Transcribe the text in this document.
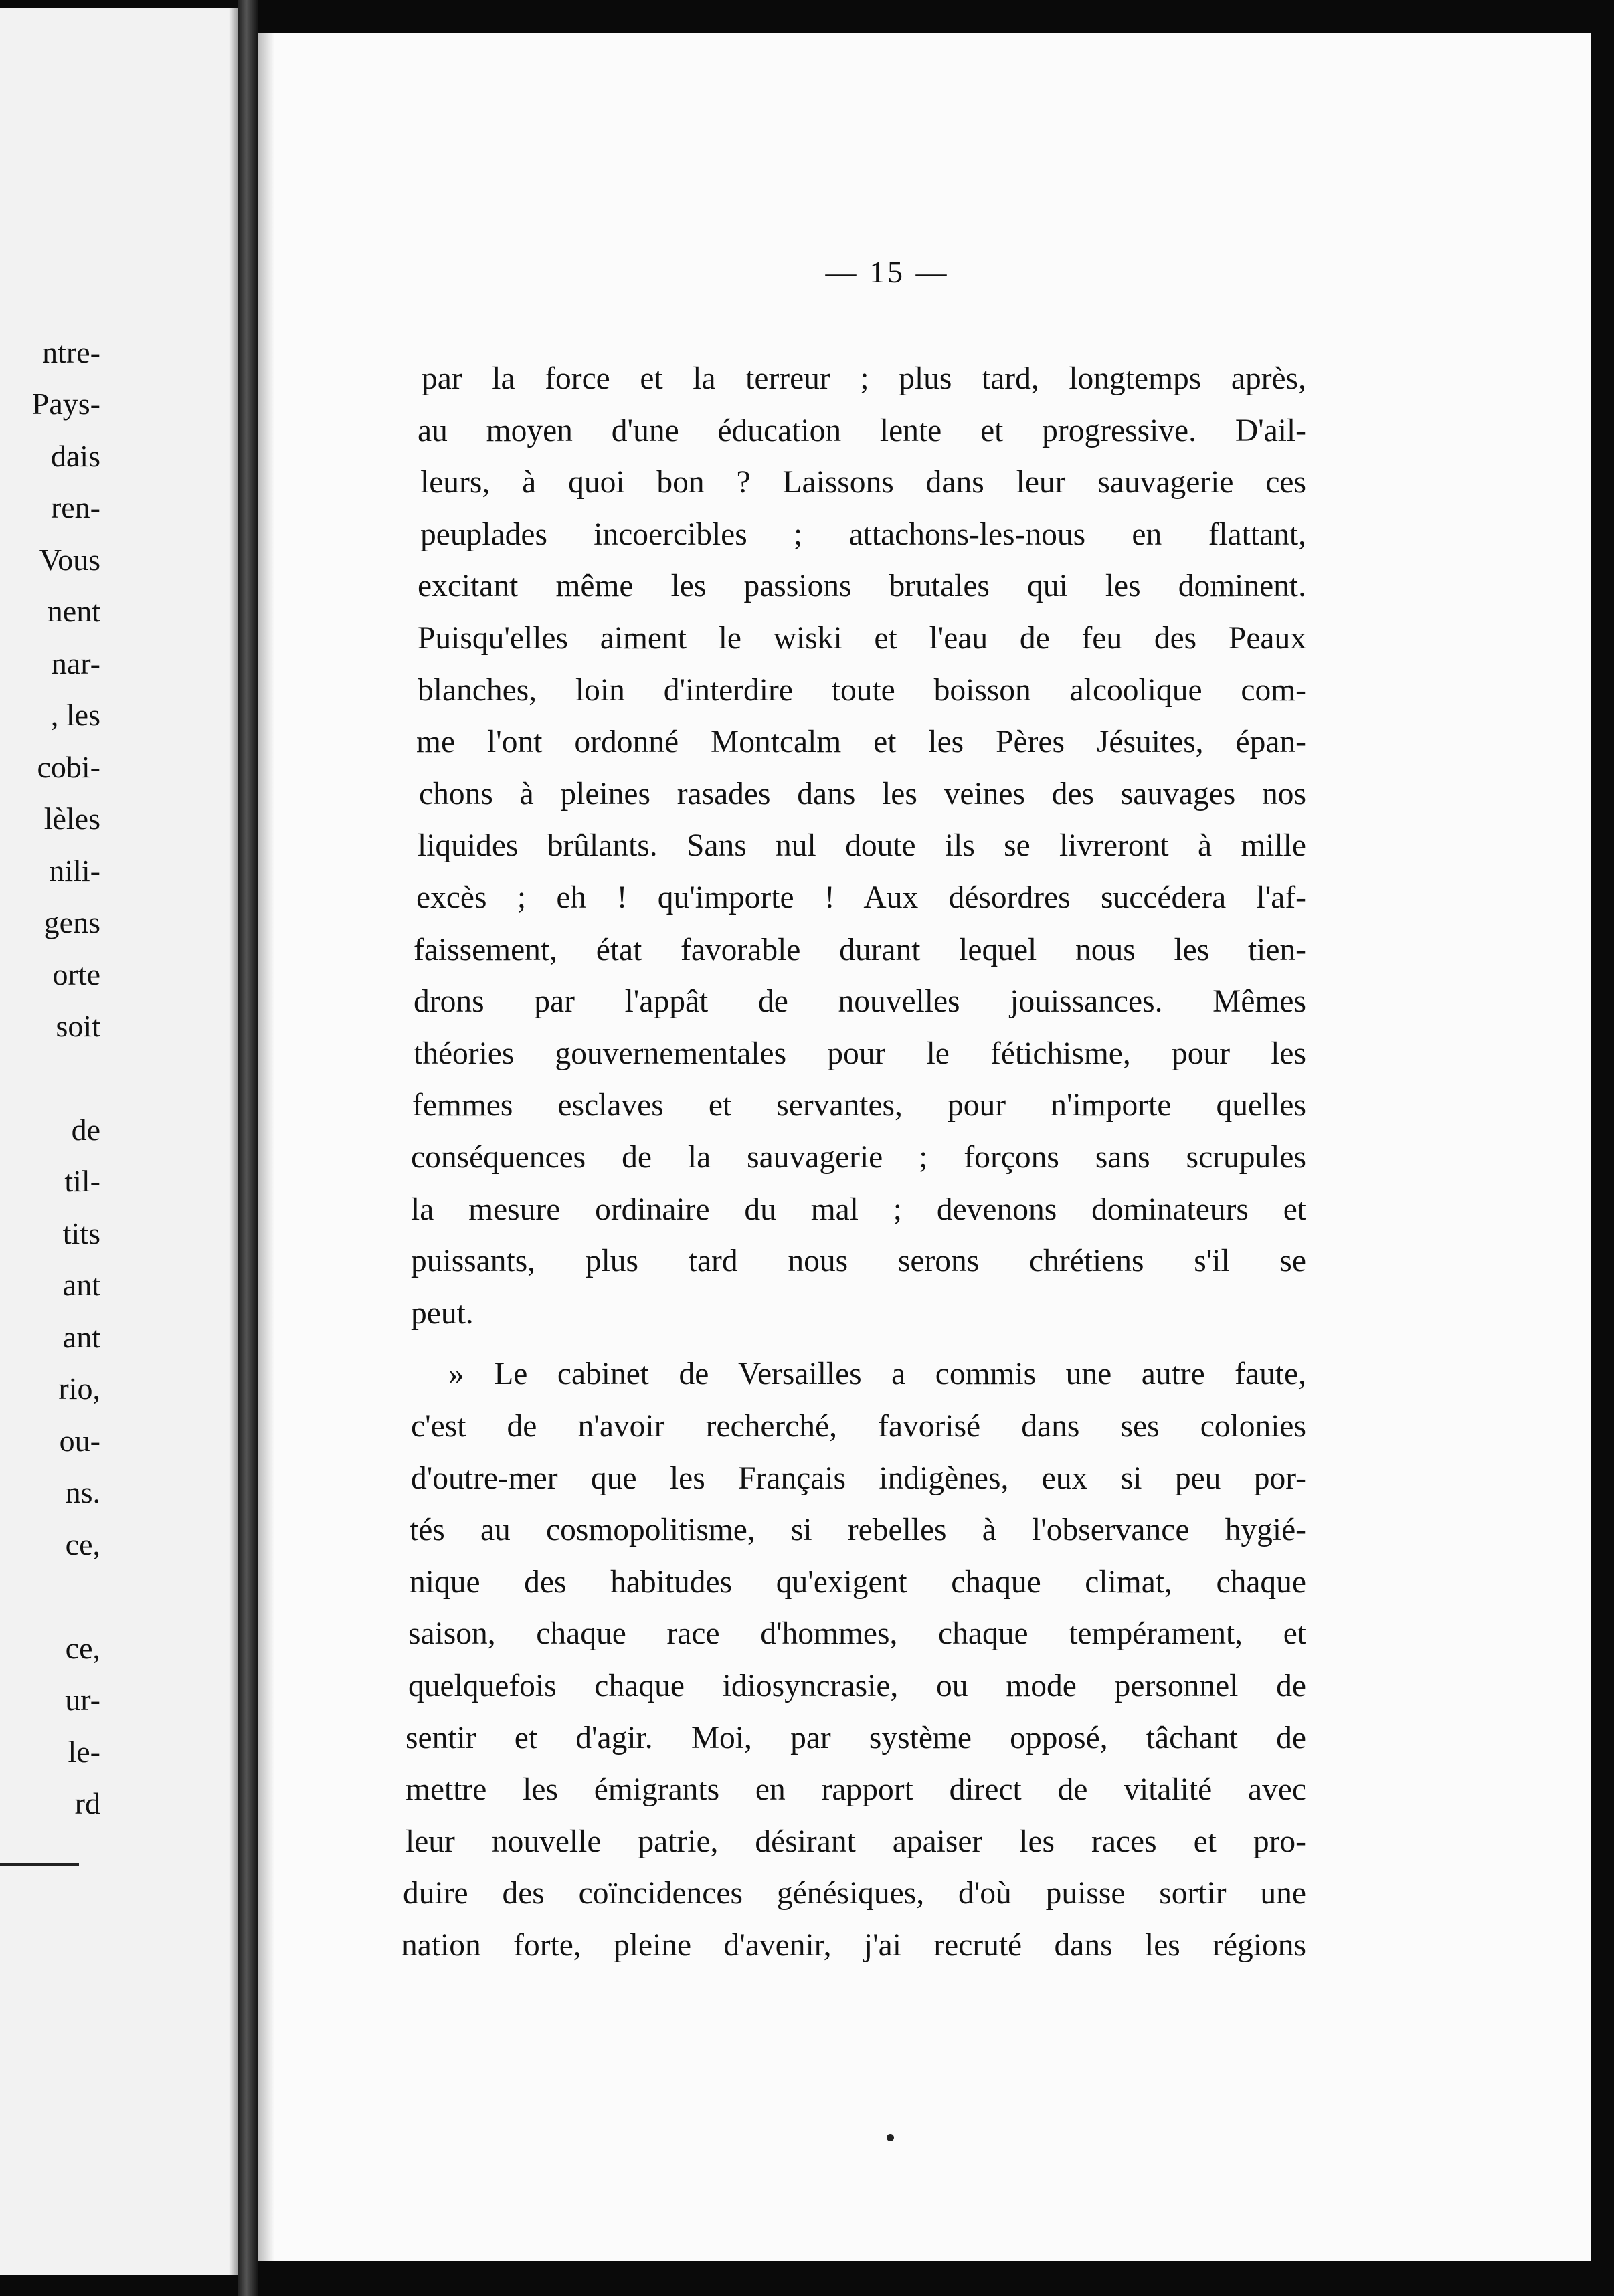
ntre-
Pays-
dais
ren-
Vous
nent
nar-
, les
cobi-
lèles
nili-
gens
orte
soit
de
til-
tits
ant
ant
rio,
ou-
ns.
ce,
ce,
ur-
le-
rd
— 15 —
par la force et la terreur ; plus tard, longtemps après,
au moyen d'une éducation lente et progressive. D'ail-
leurs, à quoi bon ? Laissons dans leur sauvagerie ces
peuplades incoercibles ; attachons-les-nous en flattant,
excitant même les passions brutales qui les dominent.
Puisqu'elles aiment le wiski et l'eau de feu des Peaux
blanches, loin d'interdire toute boisson alcoolique com-
me l'ont ordonné Montcalm et les Pères Jésuites, épan-
chons à pleines rasades dans les veines des sauvages nos
liquides brûlants. Sans nul doute ils se livreront à mille
excès ; eh ! qu'importe ! Aux désordres succédera l'af-
faissement, état favorable durant lequel nous les tien-
drons par l'appât de nouvelles jouissances. Mêmes
théories gouvernementales pour le fétichisme, pour les
femmes esclaves et servantes, pour n'importe quelles
conséquences de la sauvagerie ; forçons sans scrupules
la mesure ordinaire du mal ; devenons dominateurs et
puissants, plus tard nous serons chrétiens s'il se
peut.
» Le cabinet de Versailles a commis une autre faute,
c'est de n'avoir recherché, favorisé dans ses colonies
d'outre-mer que les Français indigènes, eux si peu por-
tés au cosmopolitisme, si rebelles à l'observance hygié-
nique des habitudes qu'exigent chaque climat, chaque
saison, chaque race d'hommes, chaque tempérament, et
quelquefois chaque idiosyncrasie, ou mode personnel de
sentir et d'agir. Moi, par système opposé, tâchant de
mettre les émigrants en rapport direct de vitalité avec
leur nouvelle patrie, désirant apaiser les races et pro-
duire des coïncidences génésiques, d'où puisse sortir une
nation forte, pleine d'avenir, j'ai recruté dans les régions
